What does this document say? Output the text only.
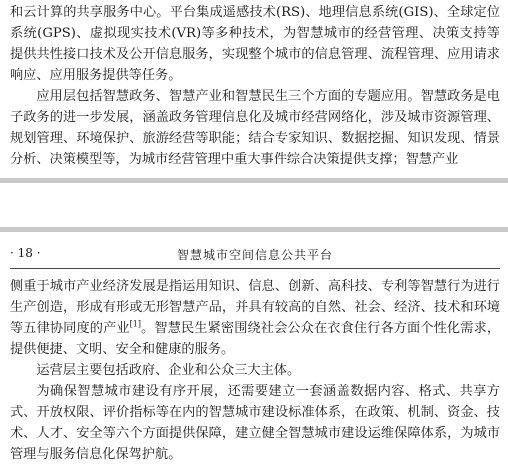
和云计算的共享服务中心。平台集成遥感技术(RS)、地理信息系统(GIS)、全球定位系统(GPS)、虚拟现实技术(VR)等多种技术，为智慧城市的经营管理、决策支持等提供共性接口技术及公开信息服务，实现整个城市的信息管理、流程管理、应用请求响应、应用服务提供等任务。

应用层包括智慧政务、智慧产业和智慧民生三个方面的专题应用。智慧政务是电子政务的进一步发展，涵盖政务管理信息化及城市经营网络化，涉及城市资源管理、规划管理、环境保护、旅游经营等职能；结合专家知识、数据挖掘、知识发现、情景分析、决策模型等，为城市经营管理中重大事件综合决策提供支撑；智慧产业

智慧城市空间信息公共平台
· 18 ·

侧重于城市产业经济发展是指运用知识、信息、创新、高科技、专利等智慧行为进行生产创造，形成有形或无形智慧产品，并具有较高的自然、社会、经济、技术和环境等五律协同度的产业[1]。智慧民生紧密围绕社会公众在衣食住行各方面个性化需求，提供便捷、文明、安全和健康的服务。

运营层主要包括政府、企业和公众三大主体。

为确保智慧城市建设有序开展，还需要建立一套涵盖数据内容、格式、共享方式、开放权限、评价指标等在内的智慧城市建设标准体系，在政策、机制、资金、技术、人才、安全等六个方面提供保障，建立健全智慧城市建设运维保障体系，为城市管理与服务信息化保驾护航。
